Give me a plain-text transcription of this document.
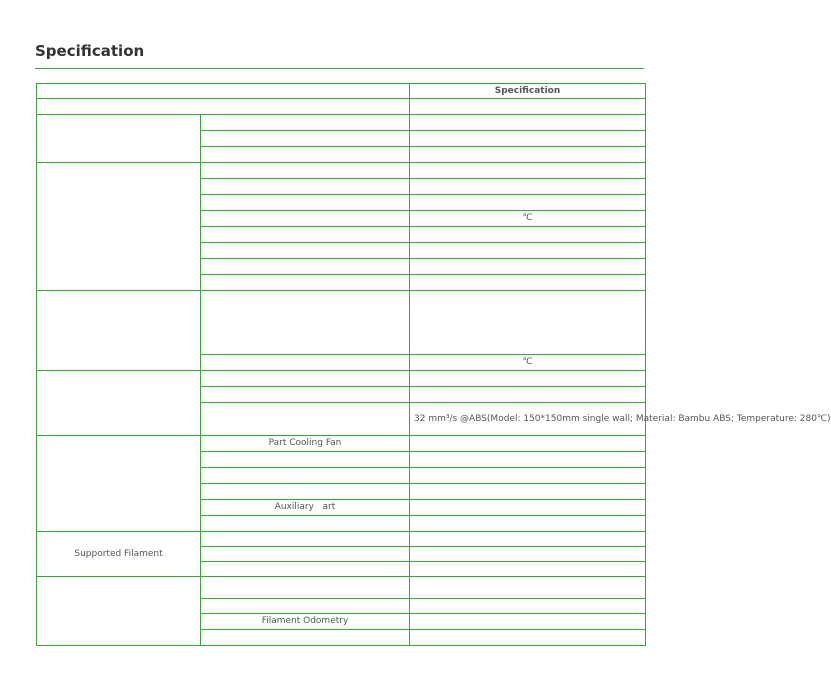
Specification
		Specification

		℃

		℃

		32 mm³/s @ABS(Model: 150*150mm single wall; Material: Bambu ABS; Temperature: 280℃)
	Part Cooling Fan	

	Auxiliary   art	

Supported Filament		

	Filament Odometry	
